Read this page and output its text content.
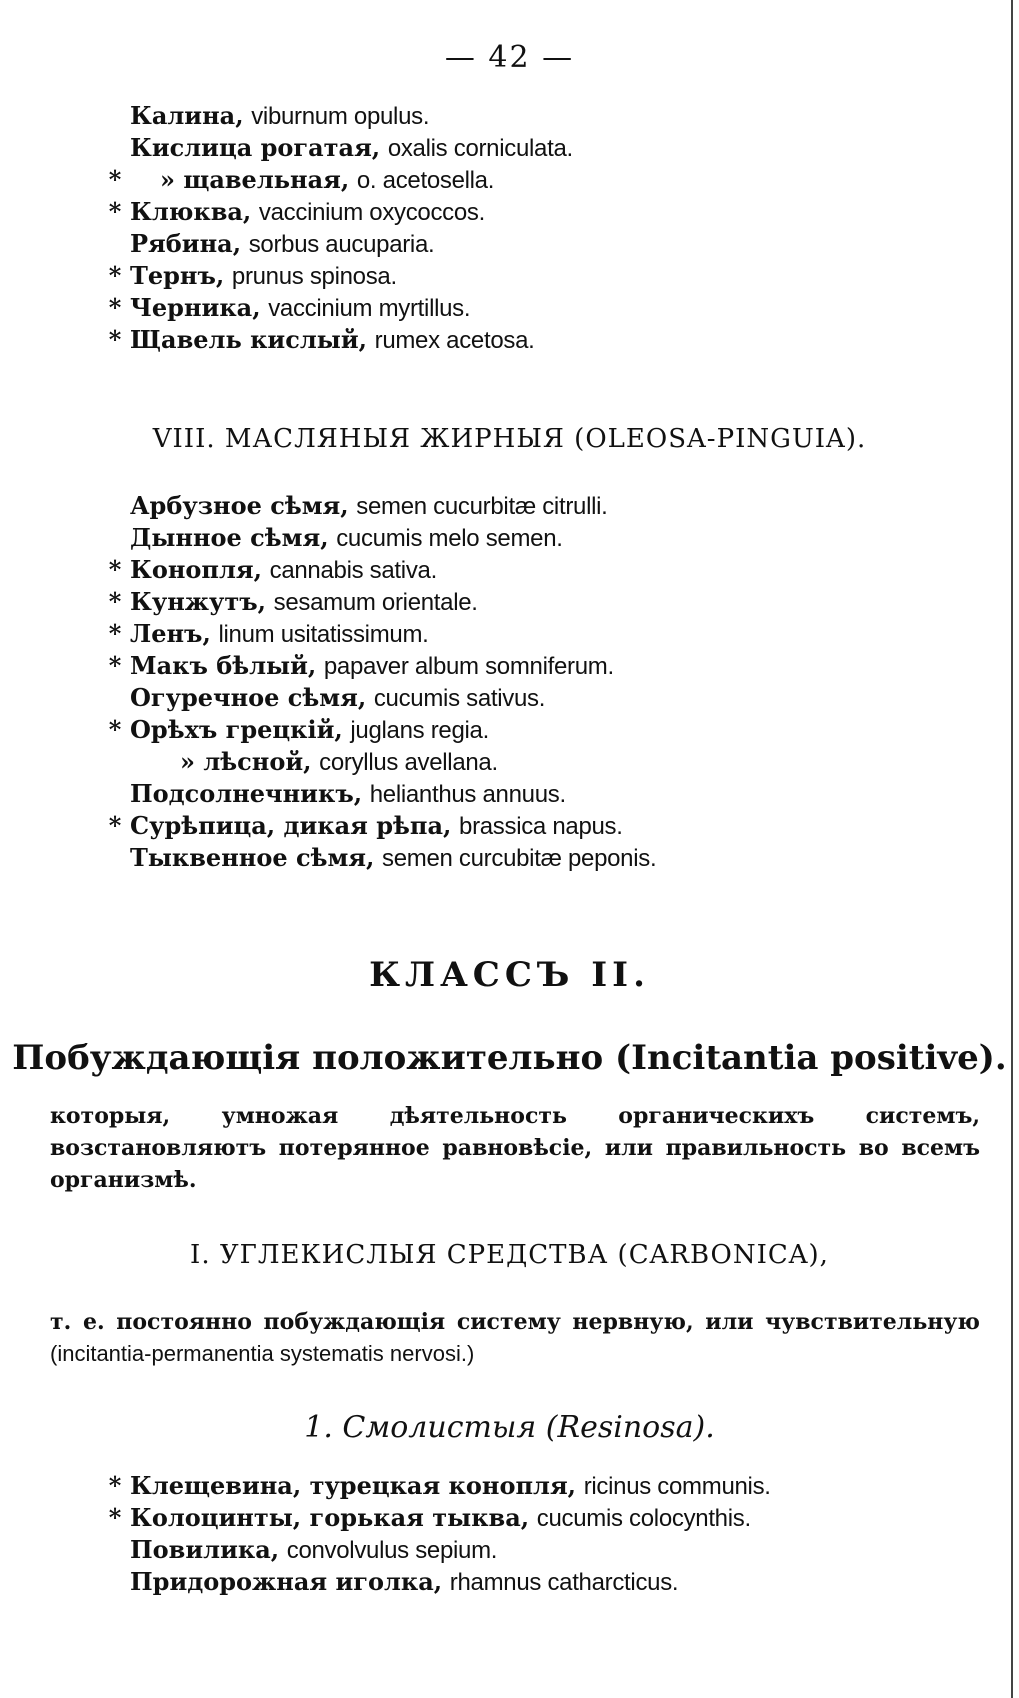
— 42 —
Калина, viburnum opulus.
Кислица рогатая, oxalis corniculata.
* » щавельная, o. acetosella.
* Клюква, vaccinium oxycoccos.
Рябина, sorbus aucuparia.
* Тернъ, prunus spinosa.
* Черника, vaccinium myrtillus.
* Щавель кислый, rumex acetosa.
VIII. МАСЛЯНЫЯ ЖИРНЫЯ (OLEOSA-PINGUIA).
Арбузное сѣмя, semen cucurbitæ citrulli.
Дынное сѣмя, cucumis melo semen.
* Конопля, cannabis sativa.
* Кунжутъ, sesamum orientale.
* Ленъ, linum usitatissimum.
* Макъ бѣлый, papaver album somniferum.
Огуречное сѣмя, cucumis sativus.
* Орѣхъ грецкій, juglans regia.
» лѣсной, coryllus avellana.
Подсолнечникъ, helianthus annuus.
* Сурѣпица, дикая рѣпа, brassica napus.
Тыквенное сѣмя, semen curcubitæ peponis.
КЛАССЪ II.
Побуждающія положительно (Incitantia positive).
которыя, умножая дѣятельность органическихъ системъ, возстановляютъ потерянное равновѣсіе, или правильность во всемъ организмѣ.
I. УГЛЕКИСЛЫЯ СРЕДСТВА (CARBONICA),
т. е. постоянно побуждающія систему нервную, или чувствительную (incitantia-permanentia systematis nervosi.)
1. Смолистыя (Resinosa).
* Клещевина, турецкая конопля, ricinus communis.
* Колоцинты, горькая тыква, cucumis colocynthis.
Повилика, convolvulus sepium.
Придорожная иголка, rhamnus catharcticus.
